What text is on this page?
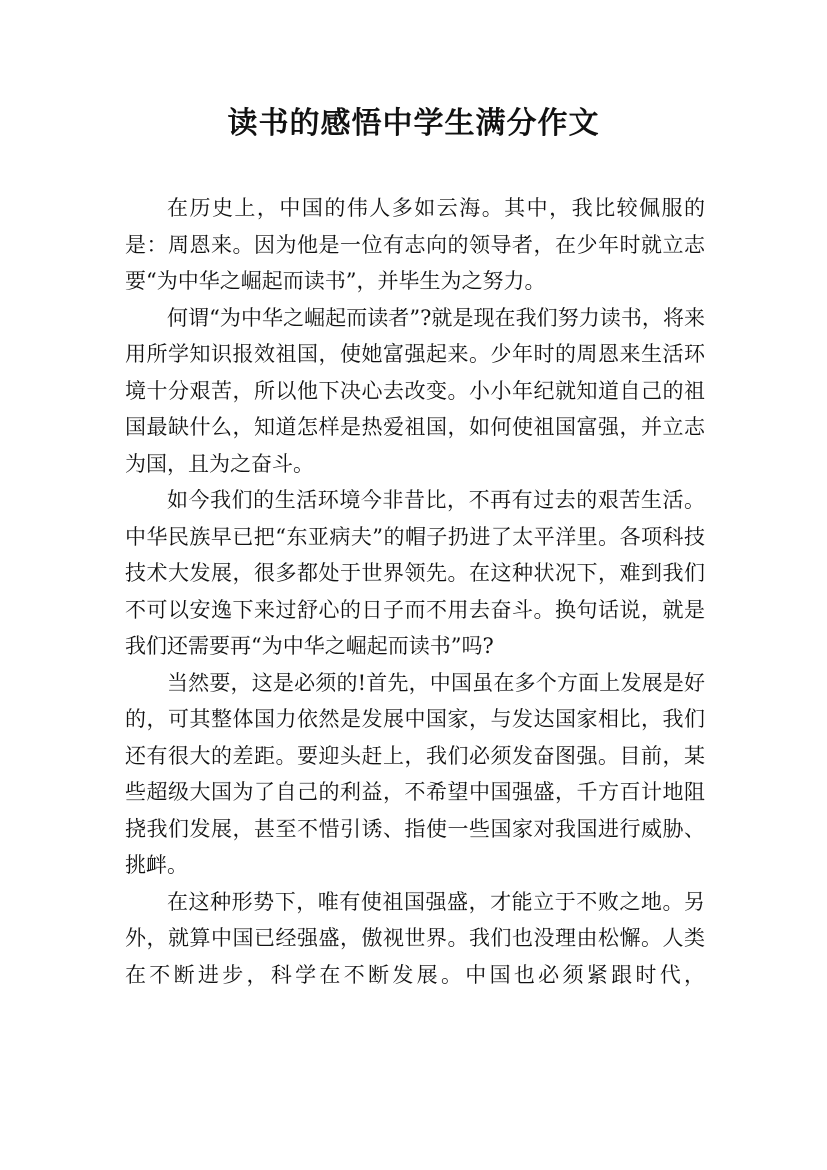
读书的感悟中学生满分作文

在历史上，中国的伟人多如云海。其中，我比较佩服的是：周恩来。因为他是一位有志向的领导者，在少年时就立志要“为中华之崛起而读书”，并毕生为之努力。

何谓“为中华之崛起而读者”?就是现在我们努力读书，将来用所学知识报效祖国，使她富强起来。少年时的周恩来生活环境十分艰苦，所以他下决心去改变。小小年纪就知道自己的祖国最缺什么，知道怎样是热爱祖国，如何使祖国富强，并立志为国，且为之奋斗。

如今我们的生活环境今非昔比，不再有过去的艰苦生活。中华民族早已把“东亚病夫”的帽子扔进了太平洋里。各项科技技术大发展，很多都处于世界领先。在这种状况下，难到我们不可以安逸下来过舒心的日子而不用去奋斗。换句话说，就是我们还需要再“为中华之崛起而读书”吗?

当然要，这是必须的!首先，中国虽在多个方面上发展是好的，可其整体国力依然是发展中国家，与发达国家相比，我们还有很大的差距。要迎头赶上，我们必须发奋图强。目前，某些超级大国为了自己的利益，不希望中国强盛，千方百计地阻挠我们发展，甚至不惜引诱、指使一些国家对我国进行威胁、挑衅。

在这种形势下，唯有使祖国强盛，才能立于不败之地。另外，就算中国已经强盛，傲视世界。我们也没理由松懈。人类在不断进步，科学在不断发展。中国也必须紧跟时代，
